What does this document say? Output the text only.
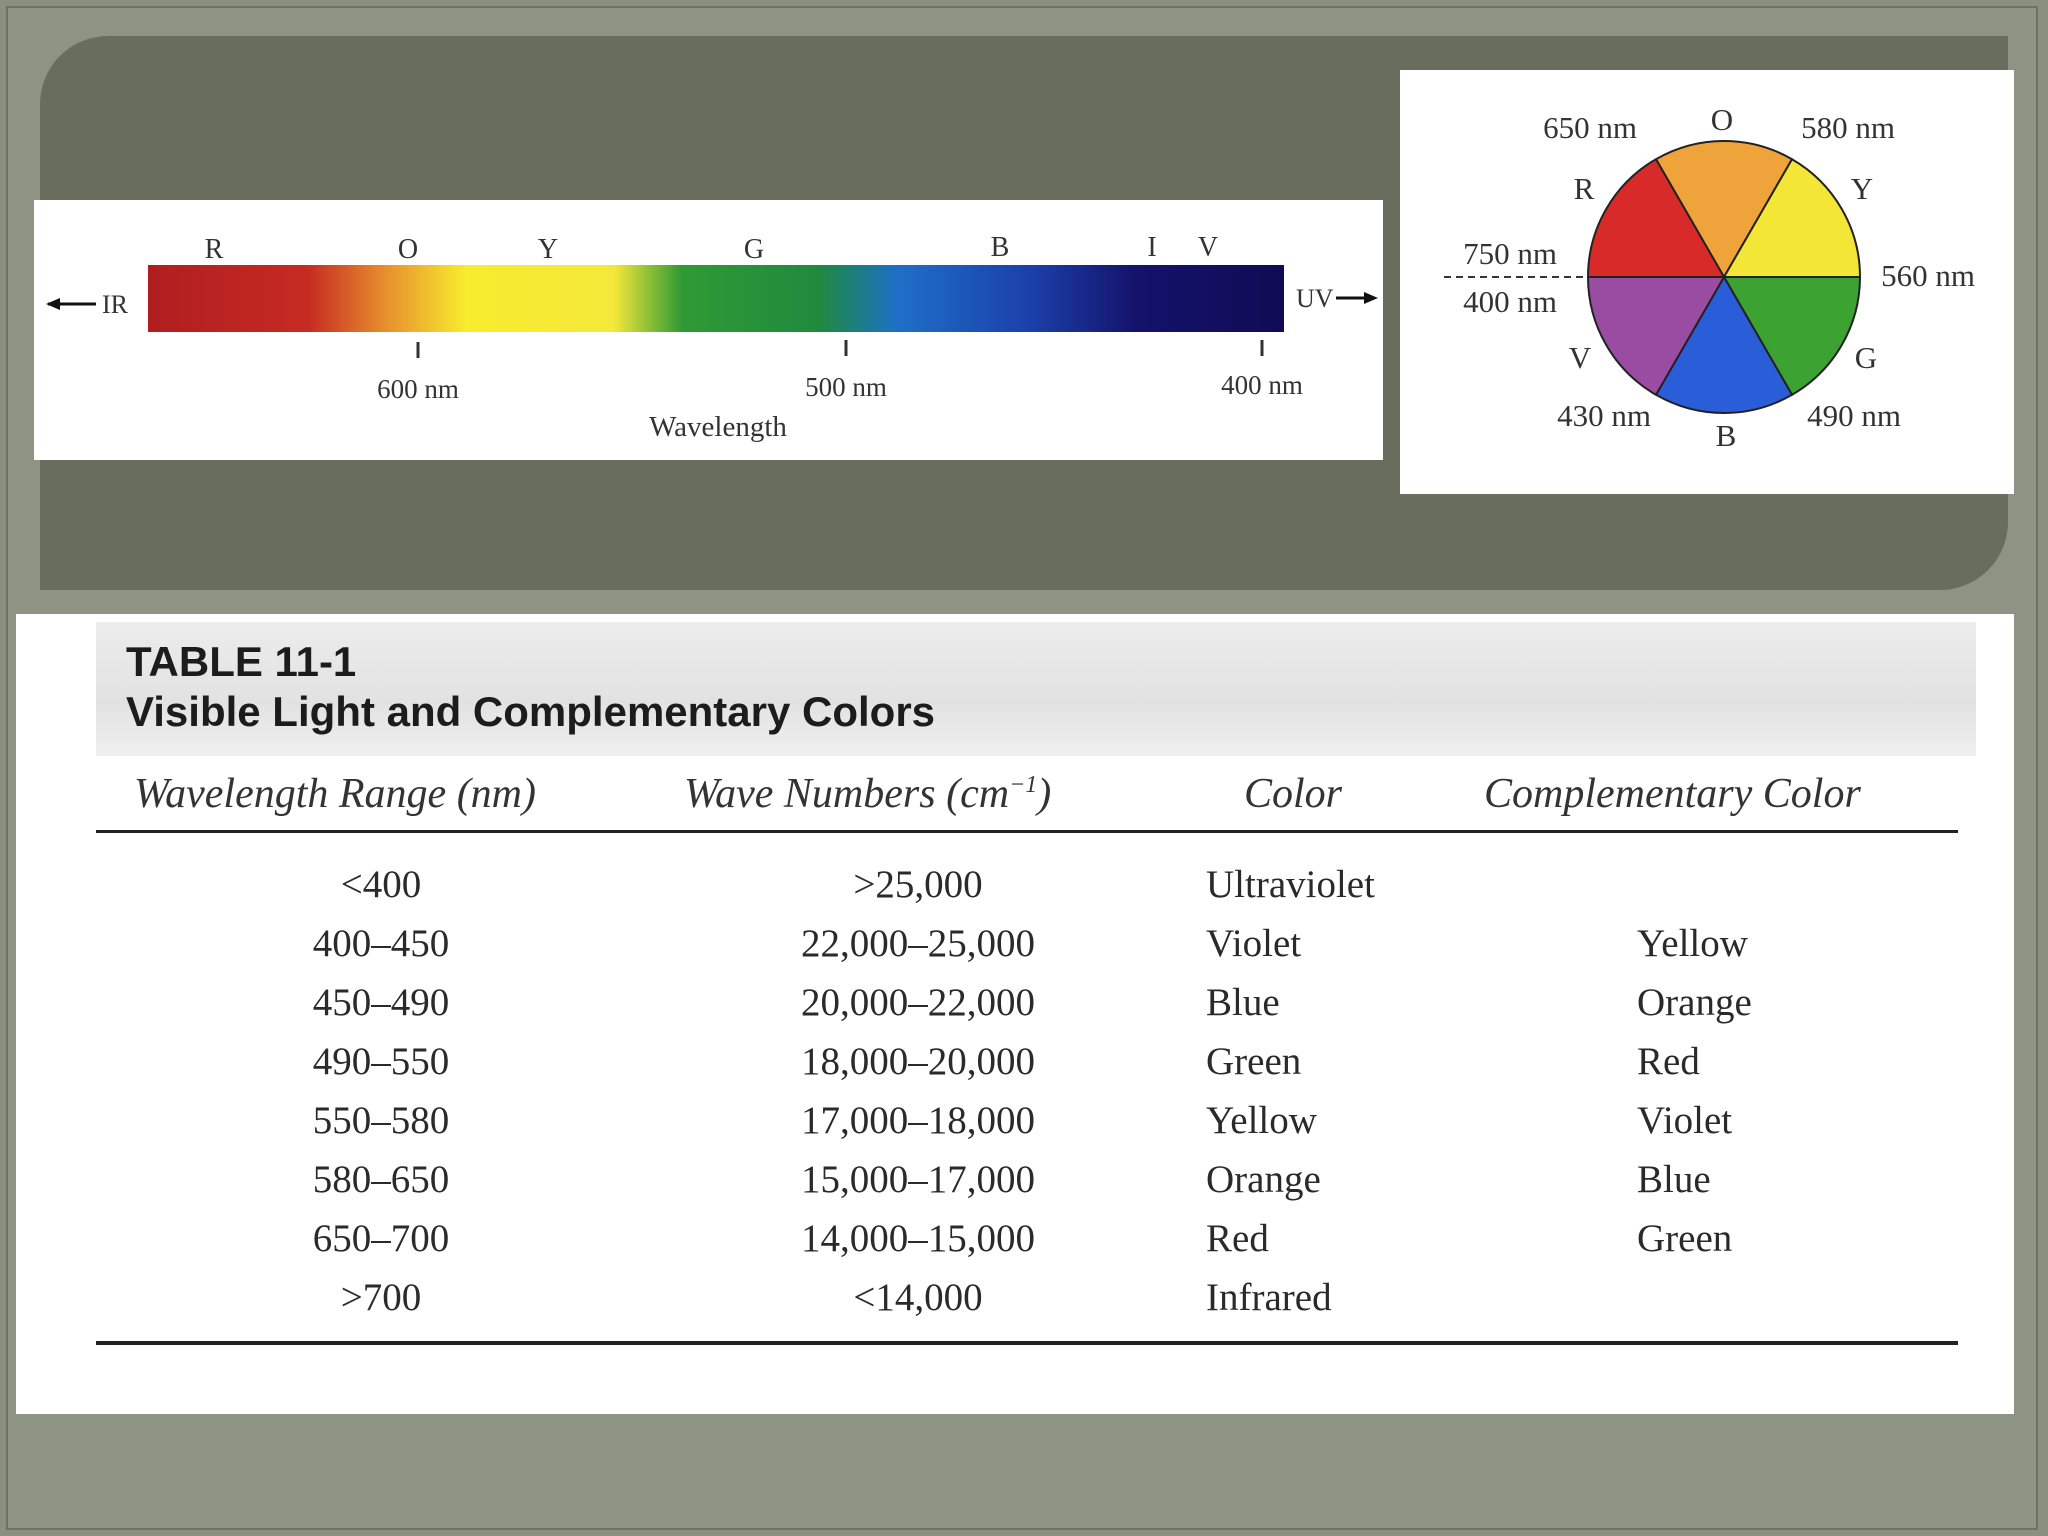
IR	UV
R	O	Y	G	B	I V
600 nm	500 nm	400 nm
Wavelength
650 nm O 580 nm
R	Y
750 nm
400 nm
560 nm
V	G
430 nm
B
490 nm
TABLE 11-1
Visible Light and Complementary Colors
Wavelength Range (nm)	Wave Numbers $(cm^{-1})$	Color	Complementary Color
<400	>25,000	Ultraviolet
400–450	22,000–25,000	Violet	Yellow
450–490	20,000–22,000	Blue	Orange
490–550	18,000–20,000	Green	Red
550–580	17,000–18,000	Yellow	Violet
580–650	15,000–17,000	Orange	Blue
650–700	14,000–15,000	Red	Green
>700	<14,000	Infrared
